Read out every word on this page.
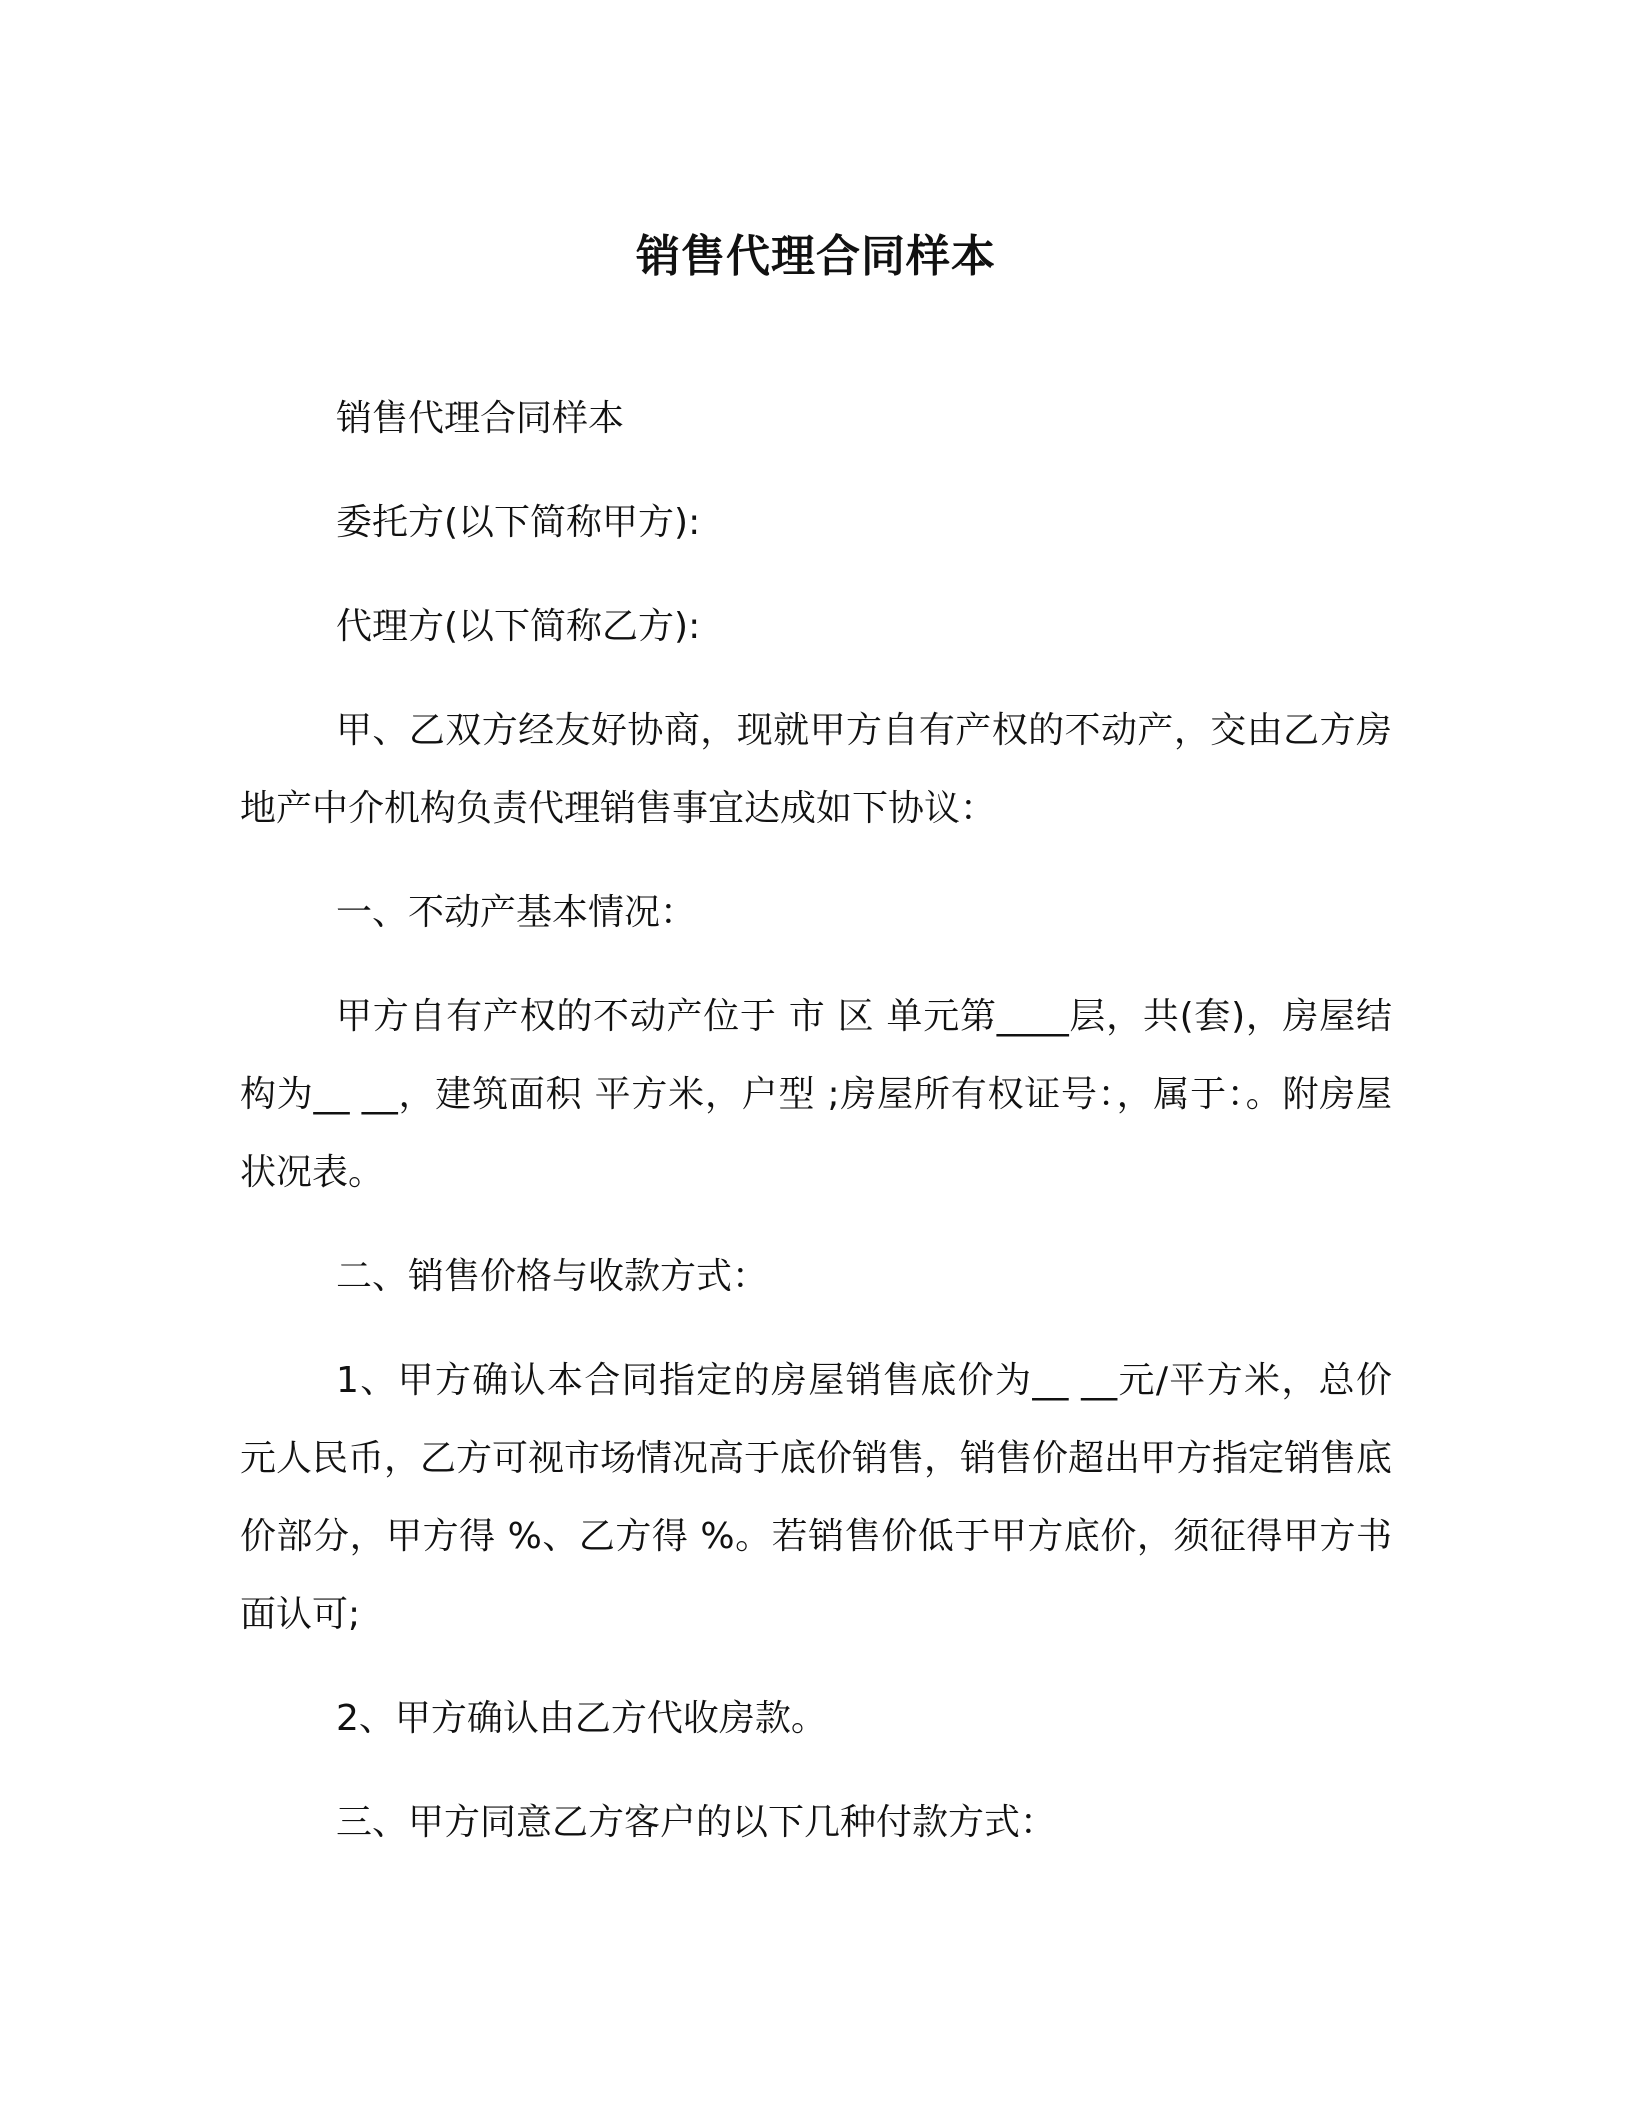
销售代理合同样本

销售代理合同样本

委托方(以下简称甲方):

代理方(以下简称乙方):

甲、乙双方经友好协商，现就甲方自有产权的不动产，交由乙方房地产中介机构负责代理销售事宜达成如下协议：

一、不动产基本情况：

甲方自有产权的不动产位于 市 区 单元第____层，共(套)，房屋结构为__ __，建筑面积 平方米，户型 ;房屋所有权证号：，属于：。附房屋状况表。

二、销售价格与收款方式：

1、甲方确认本合同指定的房屋销售底价为__ __元/平方米，总价 元人民币，乙方可视市场情况高于底价销售，销售价超出甲方指定销售底价部分，甲方得 %、乙方得 %。若销售价低于甲方底价，须征得甲方书面认可;

2、甲方确认由乙方代收房款。

三、甲方同意乙方客户的以下几种付款方式：
